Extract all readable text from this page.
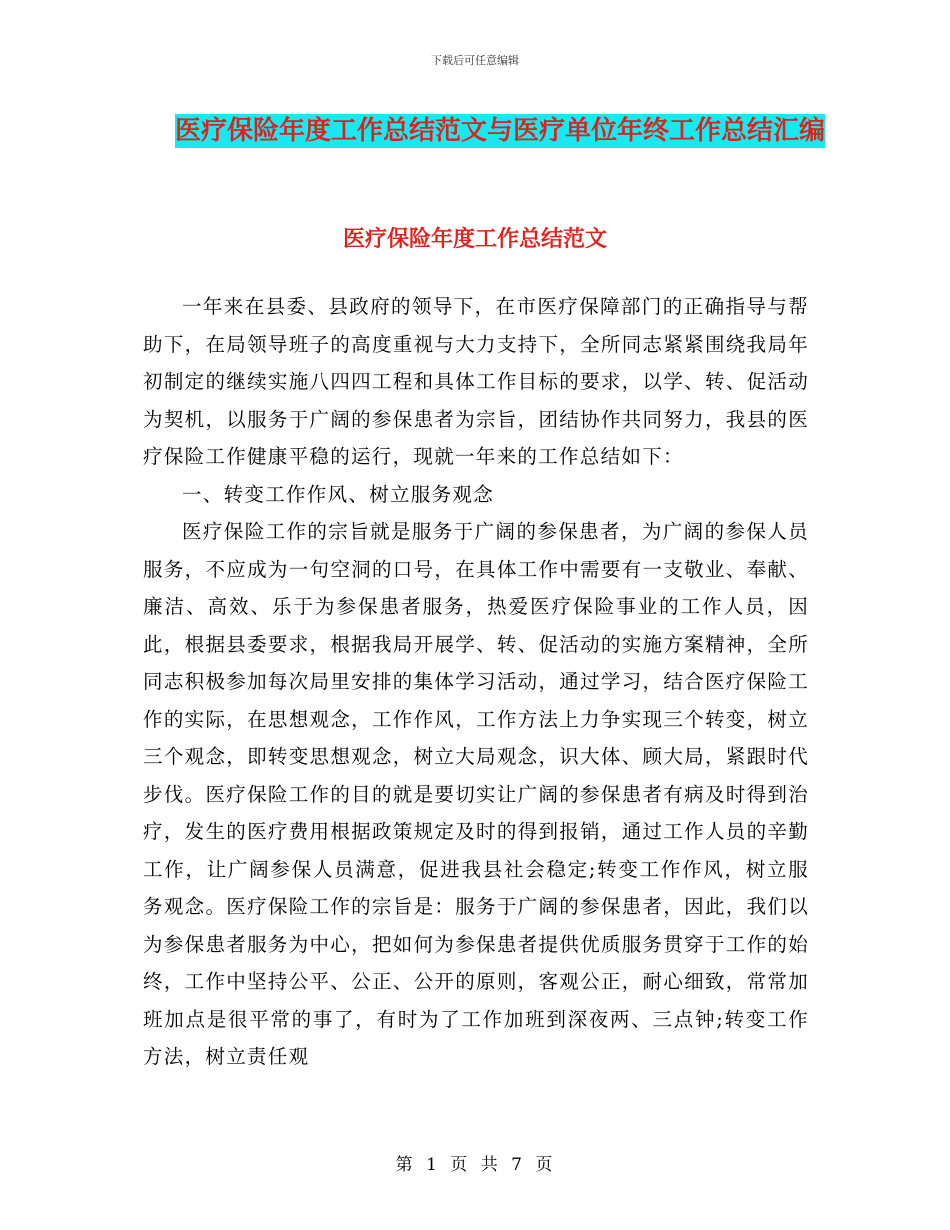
下载后可任意编辑
医疗保险年度工作总结范文与医疗单位年终工作总结汇编
医疗保险年度工作总结范文

一年来在县委、县政府的领导下，在市医疗保障部门的正确指导与帮助下，在局领导班子的高度重视与大力支持下，全所同志紧紧围绕我局年初制定的继续实施八四四工程和具体工作目标的要求，以学、转、促活动为契机，以服务于广阔的参保患者为宗旨，团结协作共同努力，我县的医疗保险工作健康平稳的运行，现就一年来的工作总结如下：

一、转变工作作风、树立服务观念

医疗保险工作的宗旨就是服务于广阔的参保患者，为广阔的参保人员服务，不应成为一句空洞的口号，在具体工作中需要有一支敬业、奉献、廉洁、高效、乐于为参保患者服务，热爱医疗保险事业的工作人员，因此，根据县委要求，根据我局开展学、转、促活动的实施方案精神，全所同志积极参加每次局里安排的集体学习活动，通过学习，结合医疗保险工作的实际，在思想观念，工作作风，工作方法上力争实现三个转变，树立三个观念，即转变思想观念，树立大局观念，识大体、顾大局，紧跟时代步伐。医疗保险工作的目的就是要切实让广阔的参保患者有病及时得到治疗，发生的医疗费用根据政策规定及时的得到报销，通过工作人员的辛勤工作，让广阔参保人员满意，促进我县社会稳定;转变工作作风，树立服务观念。医疗保险工作的宗旨是：服务于广阔的参保患者，因此，我们以为参保患者服务为中心，把如何为参保患者提供优质服务贯穿于工作的始终，工作中坚持公平、公正、公开的原则，客观公正，耐心细致，常常加班加点是很平常的事了，有时为了工作加班到深夜两、三点钟;转变工作方法，树立责任观

第 1 页 共 7 页
